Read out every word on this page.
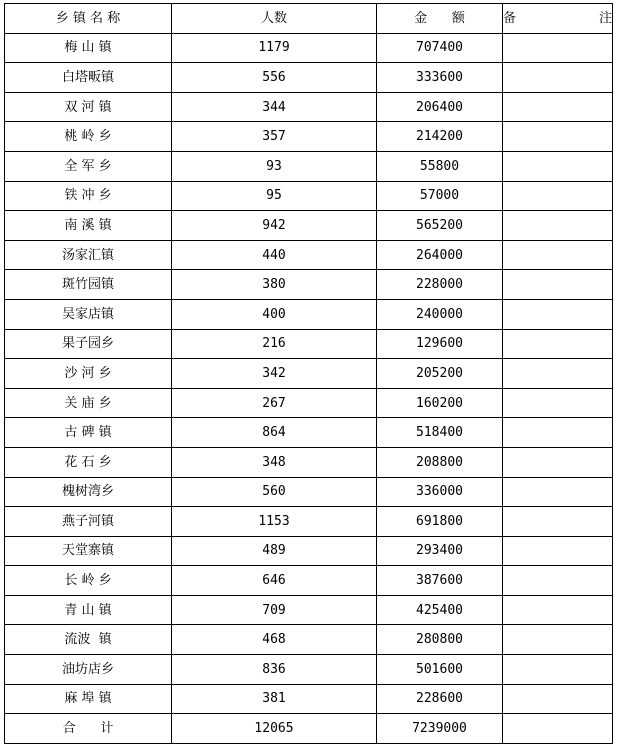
乡 镇 名 称	人数	金      额	备注
梅 山 镇	1179	707400	
白塔畈镇	556	333600	
双 河 镇	344	206400	
桃 岭 乡	357	214200	
全 军 乡	93	55800	
铁 冲 乡	95	57000	
南 溪 镇	942	565200	
汤家汇镇	440	264000	
斑竹园镇	380	228000	
吴家店镇	400	240000	
果子园乡	216	129600	
沙 河 乡	342	205200	
关 庙 乡	267	160200	
古 碑 镇	864	518400	
花 石 乡	348	208800	
槐树湾乡	560	336000	
燕子河镇	1153	691800	
天堂寨镇	489	293400	
长 岭 乡	646	387600	
青 山 镇	709	425400	
流波  镇	468	280800	
油坊店乡	836	501600	
麻 埠 镇	381	228600	
合      计	12065	7239000	
